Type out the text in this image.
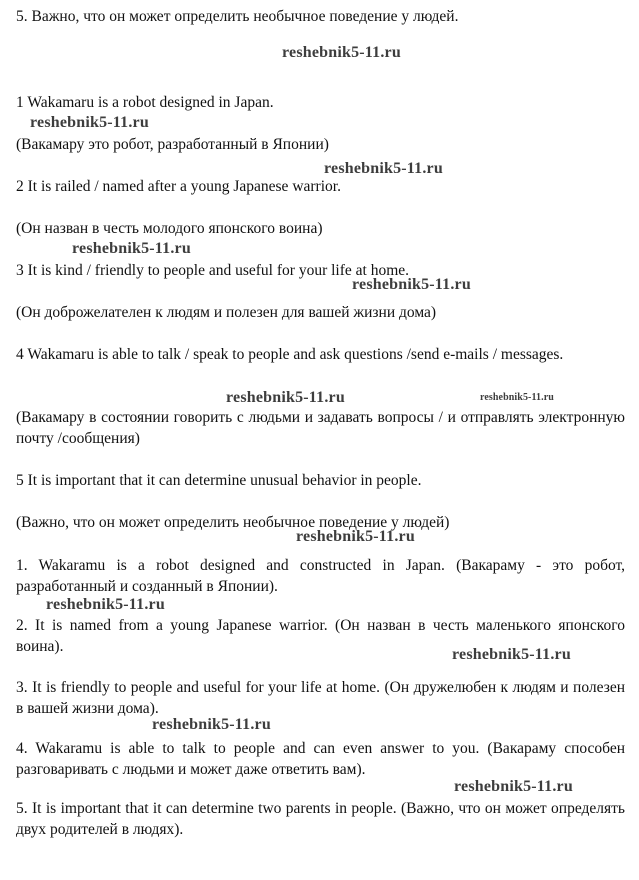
5. Важно, что он может определить необычное поведение у людей.

1 Wakamaru is a robot designed in Japan.

(Вакамару это робот, разработанный в Японии)

2 It is railed / named after a young Japanese warrior.

(Он назван в честь молодого японского воина)

3 It is kind / friendly to people and useful for your life at home.

(Он доброжелателен к людям и полезен для вашей жизни дома)

4 Wakamaru is able to talk / speak to people and ask questions /send e-mails / messages.

(Вакамару в состоянии говорить с людьми и задавать вопросы / и отправлять электронную почту /сообщения)

5 It is important that it can determine unusual behavior in people.

(Важно, что он может определить необычное поведение у людей)

1. Wakaramu is a robot designed and constructed in Japan. (Вакараму - это робот, разработанный и созданный в Японии).

2. It is named from a young Japanese warrior. (Он назван в честь маленького японского воина).

3. It is friendly to people and useful for your life at home. (Он дружелюбен к людям и полезен в вашей жизни дома).

4. Wakaramu is able to talk to people and can even answer to you. (Вакараму способен разговаривать с людьми и может даже ответить вам).

5. It is important that it can determine two parents in people. (Важно, что он может определять двух родителей в людях).

reshebnik5-11.ru
reshebnik5-11.ru
reshebnik5-11.ru
reshebnik5-11.ru
reshebnik5-11.ru
reshebnik5-11.ru	reshebnik5-11.ru
reshebnik5-11.ru
reshebnik5-11.ru
reshebnik5-11.ru
reshebnik5-11.ru
reshebnik5-11.ru
